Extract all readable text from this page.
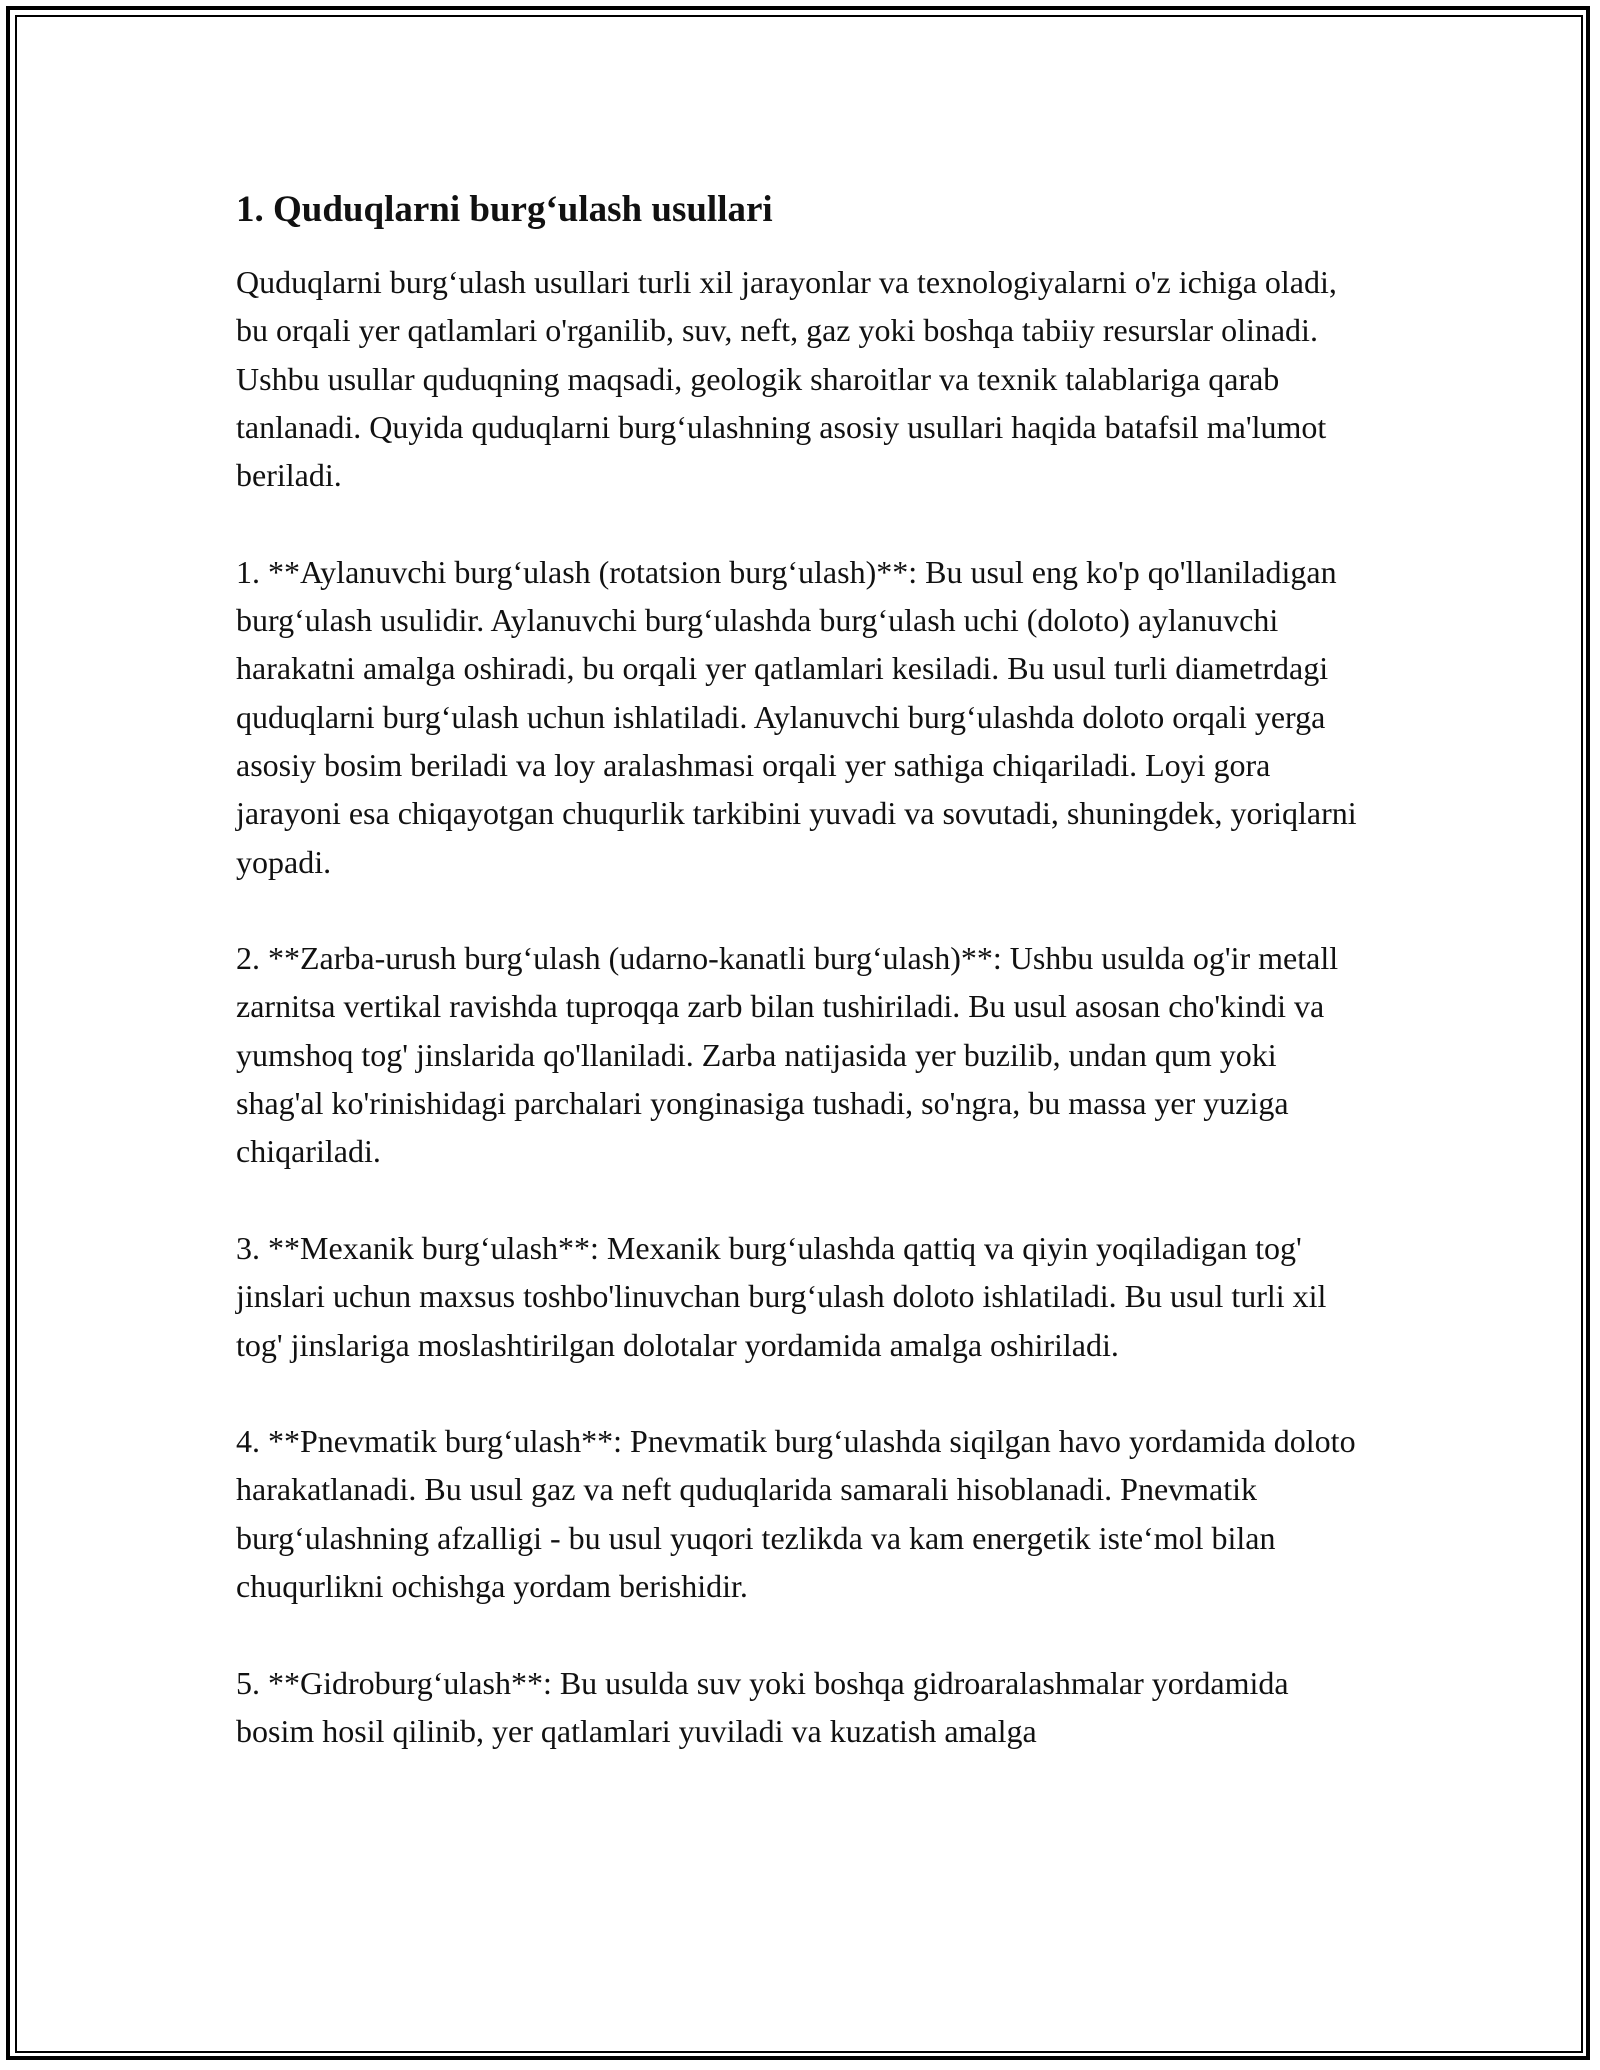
1. Quduqlarni burg‘ulash usullari

Quduqlarni burg‘ulash usullari turli xil jarayonlar va texnologiyalarni o'z ichiga oladi, bu orqali yer qatlamlari o'rganilib, suv, neft, gaz yoki boshqa tabiiy resurslar olinadi. Ushbu usullar quduqning maqsadi, geologik sharoitlar va texnik talablariga qarab tanlanadi. Quyida quduqlarni burg‘ulashning asosiy usullari haqida batafsil ma'lumot beriladi.

1. **Aylanuvchi burg‘ulash (rotatsion burg‘ulash)**: Bu usul eng ko'p qo'llaniladigan burg‘ulash usulidir. Aylanuvchi burg‘ulashda burg‘ulash uchi (doloto) aylanuvchi harakatni amalga oshiradi, bu orqali yer qatlamlari kesiladi. Bu usul turli diametrdagi quduqlarni burg‘ulash uchun ishlatiladi. Aylanuvchi burg‘ulashda doloto orqali yerga asosiy bosim beriladi va loy aralashmasi orqali yer sathiga chiqariladi. Loyi gora jarayoni esa chiqayotgan chuqurlik tarkibini yuvadi va sovutadi, shuningdek, yoriqlarni yopadi.

2. **Zarba-urush burg‘ulash (udarno-kanatli burg‘ulash)**: Ushbu usulda og'ir metall zarnitsa vertikal ravishda tuproqqa zarb bilan tushiriladi. Bu usul asosan cho'kindi va yumshoq tog' jinslarida qo'llaniladi. Zarba natijasida yer buzilib, undan qum yoki shag'al ko'rinishidagi parchalari yonginasiga tushadi, so'ngra, bu massa yer yuziga chiqariladi.

3. **Mexanik burg‘ulash**: Mexanik burg‘ulashda qattiq va qiyin yoqiladigan tog' jinslari uchun maxsus toshbo'linuvchan burg‘ulash doloto ishlatiladi. Bu usul turli xil tog' jinslariga moslashtirilgan dolotalar yordamida amalga oshiriladi.

4. **Pnevmatik burg‘ulash**: Pnevmatik burg‘ulashda siqilgan havo yordamida doloto harakatlanadi. Bu usul gaz va neft quduqlarida samarali hisoblanadi. Pnevmatik burg‘ulashning afzalligi - bu usul yuqori tezlikda va kam energetik iste‘mol bilan chuqurlikni ochishga yordam berishidir.

5. **Gidroburg‘ulash**: Bu usulda suv yoki boshqa gidroaralashmalar yordamida bosim hosil qilinib, yer qatlamlari yuviladi va kuzatish amalga
